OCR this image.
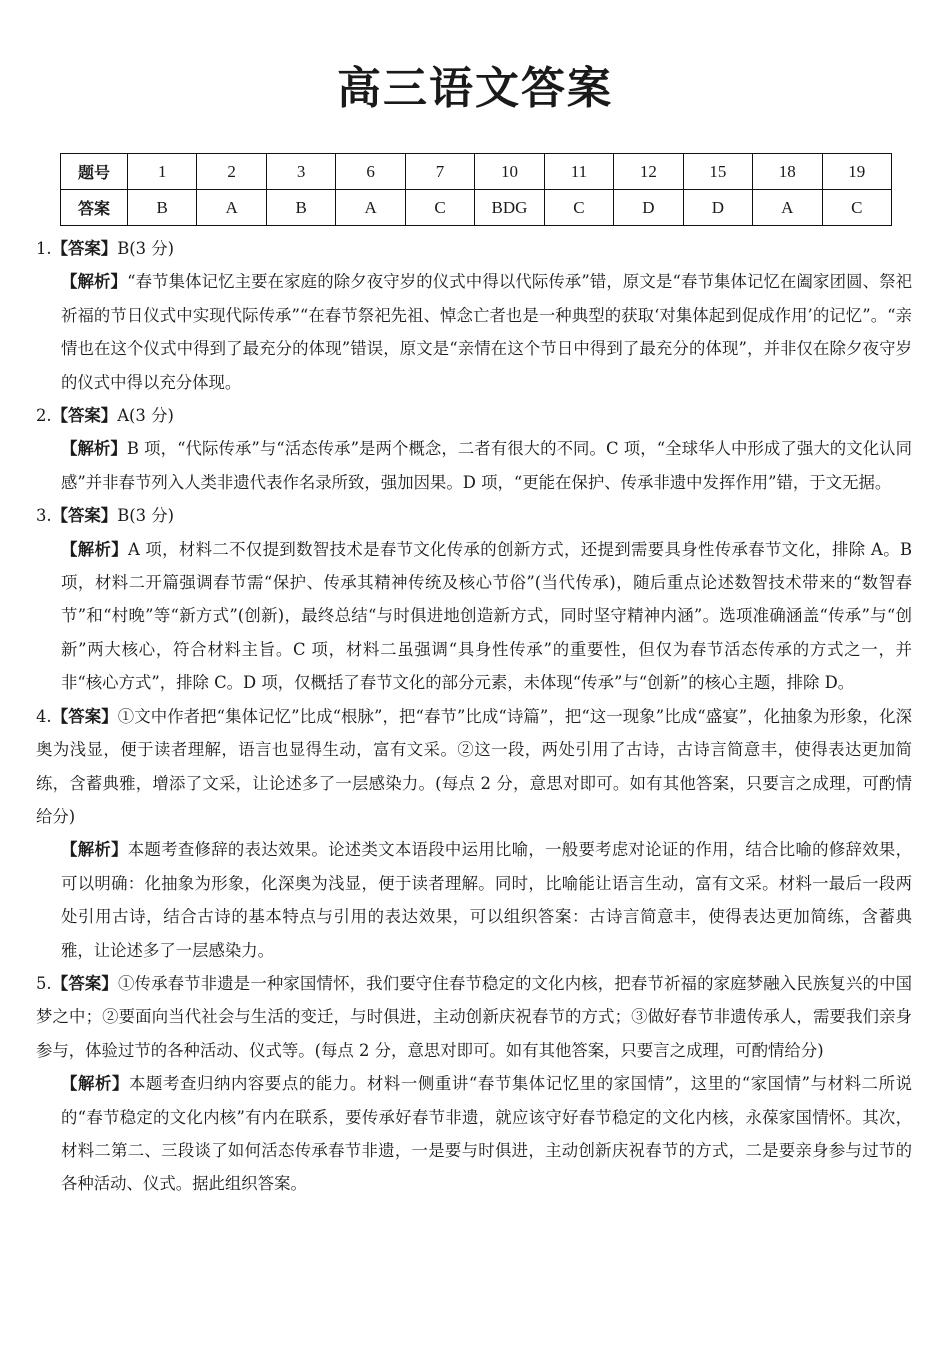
高三语文答案
题号	1	2	3	6	7	10	11	12	15	18	19
答案	B	A	B	A	C	BDG	C	D	D	A	C

1.【答案】B(3 分)

【解析】“春节集体记忆主要在家庭的除夕夜守岁的仪式中得以代际传承”错，原文是“春节集体记忆在阖家团圆、祭祀祈福的节日仪式中实现代际传承”“在春节祭祀先祖、悼念亡者也是一种典型的获取‘对集体起到促成作用’的记忆”。“亲情也在这个仪式中得到了最充分的体现”错误，原文是“亲情在这个节日中得到了最充分的体现”，并非仅在除夕夜守岁的仪式中得以充分体现。

2.【答案】A(3 分)

【解析】B 项，“代际传承”与“活态传承”是两个概念，二者有很大的不同。C 项，“全球华人中形成了强大的文化认同感”并非春节列入人类非遗代表作名录所致，强加因果。D 项，“更能在保护、传承非遗中发挥作用”错，于文无据。

3.【答案】B(3 分)

【解析】A 项，材料二不仅提到数智技术是春节文化传承的创新方式，还提到需要具身性传承春节文化，排除 A。B 项，材料二开篇强调春节需“保护、传承其精神传统及核心节俗”(当代传承)，随后重点论述数智技术带来的“数智春节”和“村晚”等“新方式”(创新)，最终总结“与时俱进地创造新方式，同时坚守精神内涵”。选项准确涵盖“传承”与“创新”两大核心，符合材料主旨。C 项，材料二虽强调“具身性传承”的重要性，但仅为春节活态传承的方式之一，并非“核心方式”，排除 C。D 项，仅概括了春节文化的部分元素，未体现“传承”与“创新”的核心主题，排除 D。

4.【答案】①文中作者把“集体记忆”比成“根脉”，把“春节”比成“诗篇”，把“这一现象”比成“盛宴”，化抽象为形象，化深奥为浅显，便于读者理解，语言也显得生动，富有文采。②这一段，两处引用了古诗，古诗言简意丰，使得表达更加简练，含蓄典雅，增添了文采，让论述多了一层感染力。(每点 2 分，意思对即可。如有其他答案，只要言之成理，可酌情给分)

【解析】本题考查修辞的表达效果。论述类文本语段中运用比喻，一般要考虑对论证的作用，结合比喻的修辞效果，可以明确：化抽象为形象，化深奥为浅显，便于读者理解。同时，比喻能让语言生动，富有文采。材料一最后一段两处引用古诗，结合古诗的基本特点与引用的表达效果，可以组织答案：古诗言简意丰，使得表达更加简练，含蓄典雅，让论述多了一层感染力。

5.【答案】①传承春节非遗是一种家国情怀，我们要守住春节稳定的文化内核，把春节祈福的家庭梦融入民族复兴的中国梦之中；②要面向当代社会与生活的变迁，与时俱进，主动创新庆祝春节的方式；③做好春节非遗传承人，需要我们亲身参与，体验过节的各种活动、仪式等。(每点 2 分，意思对即可。如有其他答案，只要言之成理，可酌情给分)

【解析】本题考查归纳内容要点的能力。材料一侧重讲“春节集体记忆里的家国情”，这里的“家国情”与材料二所说的“春节稳定的文化内核”有内在联系，要传承好春节非遗，就应该守好春节稳定的文化内核，永葆家国情怀。其次，材料二第二、三段谈了如何活态传承春节非遗，一是要与时俱进，主动创新庆祝春节的方式，二是要亲身参与过节的各种活动、仪式。据此组织答案。
